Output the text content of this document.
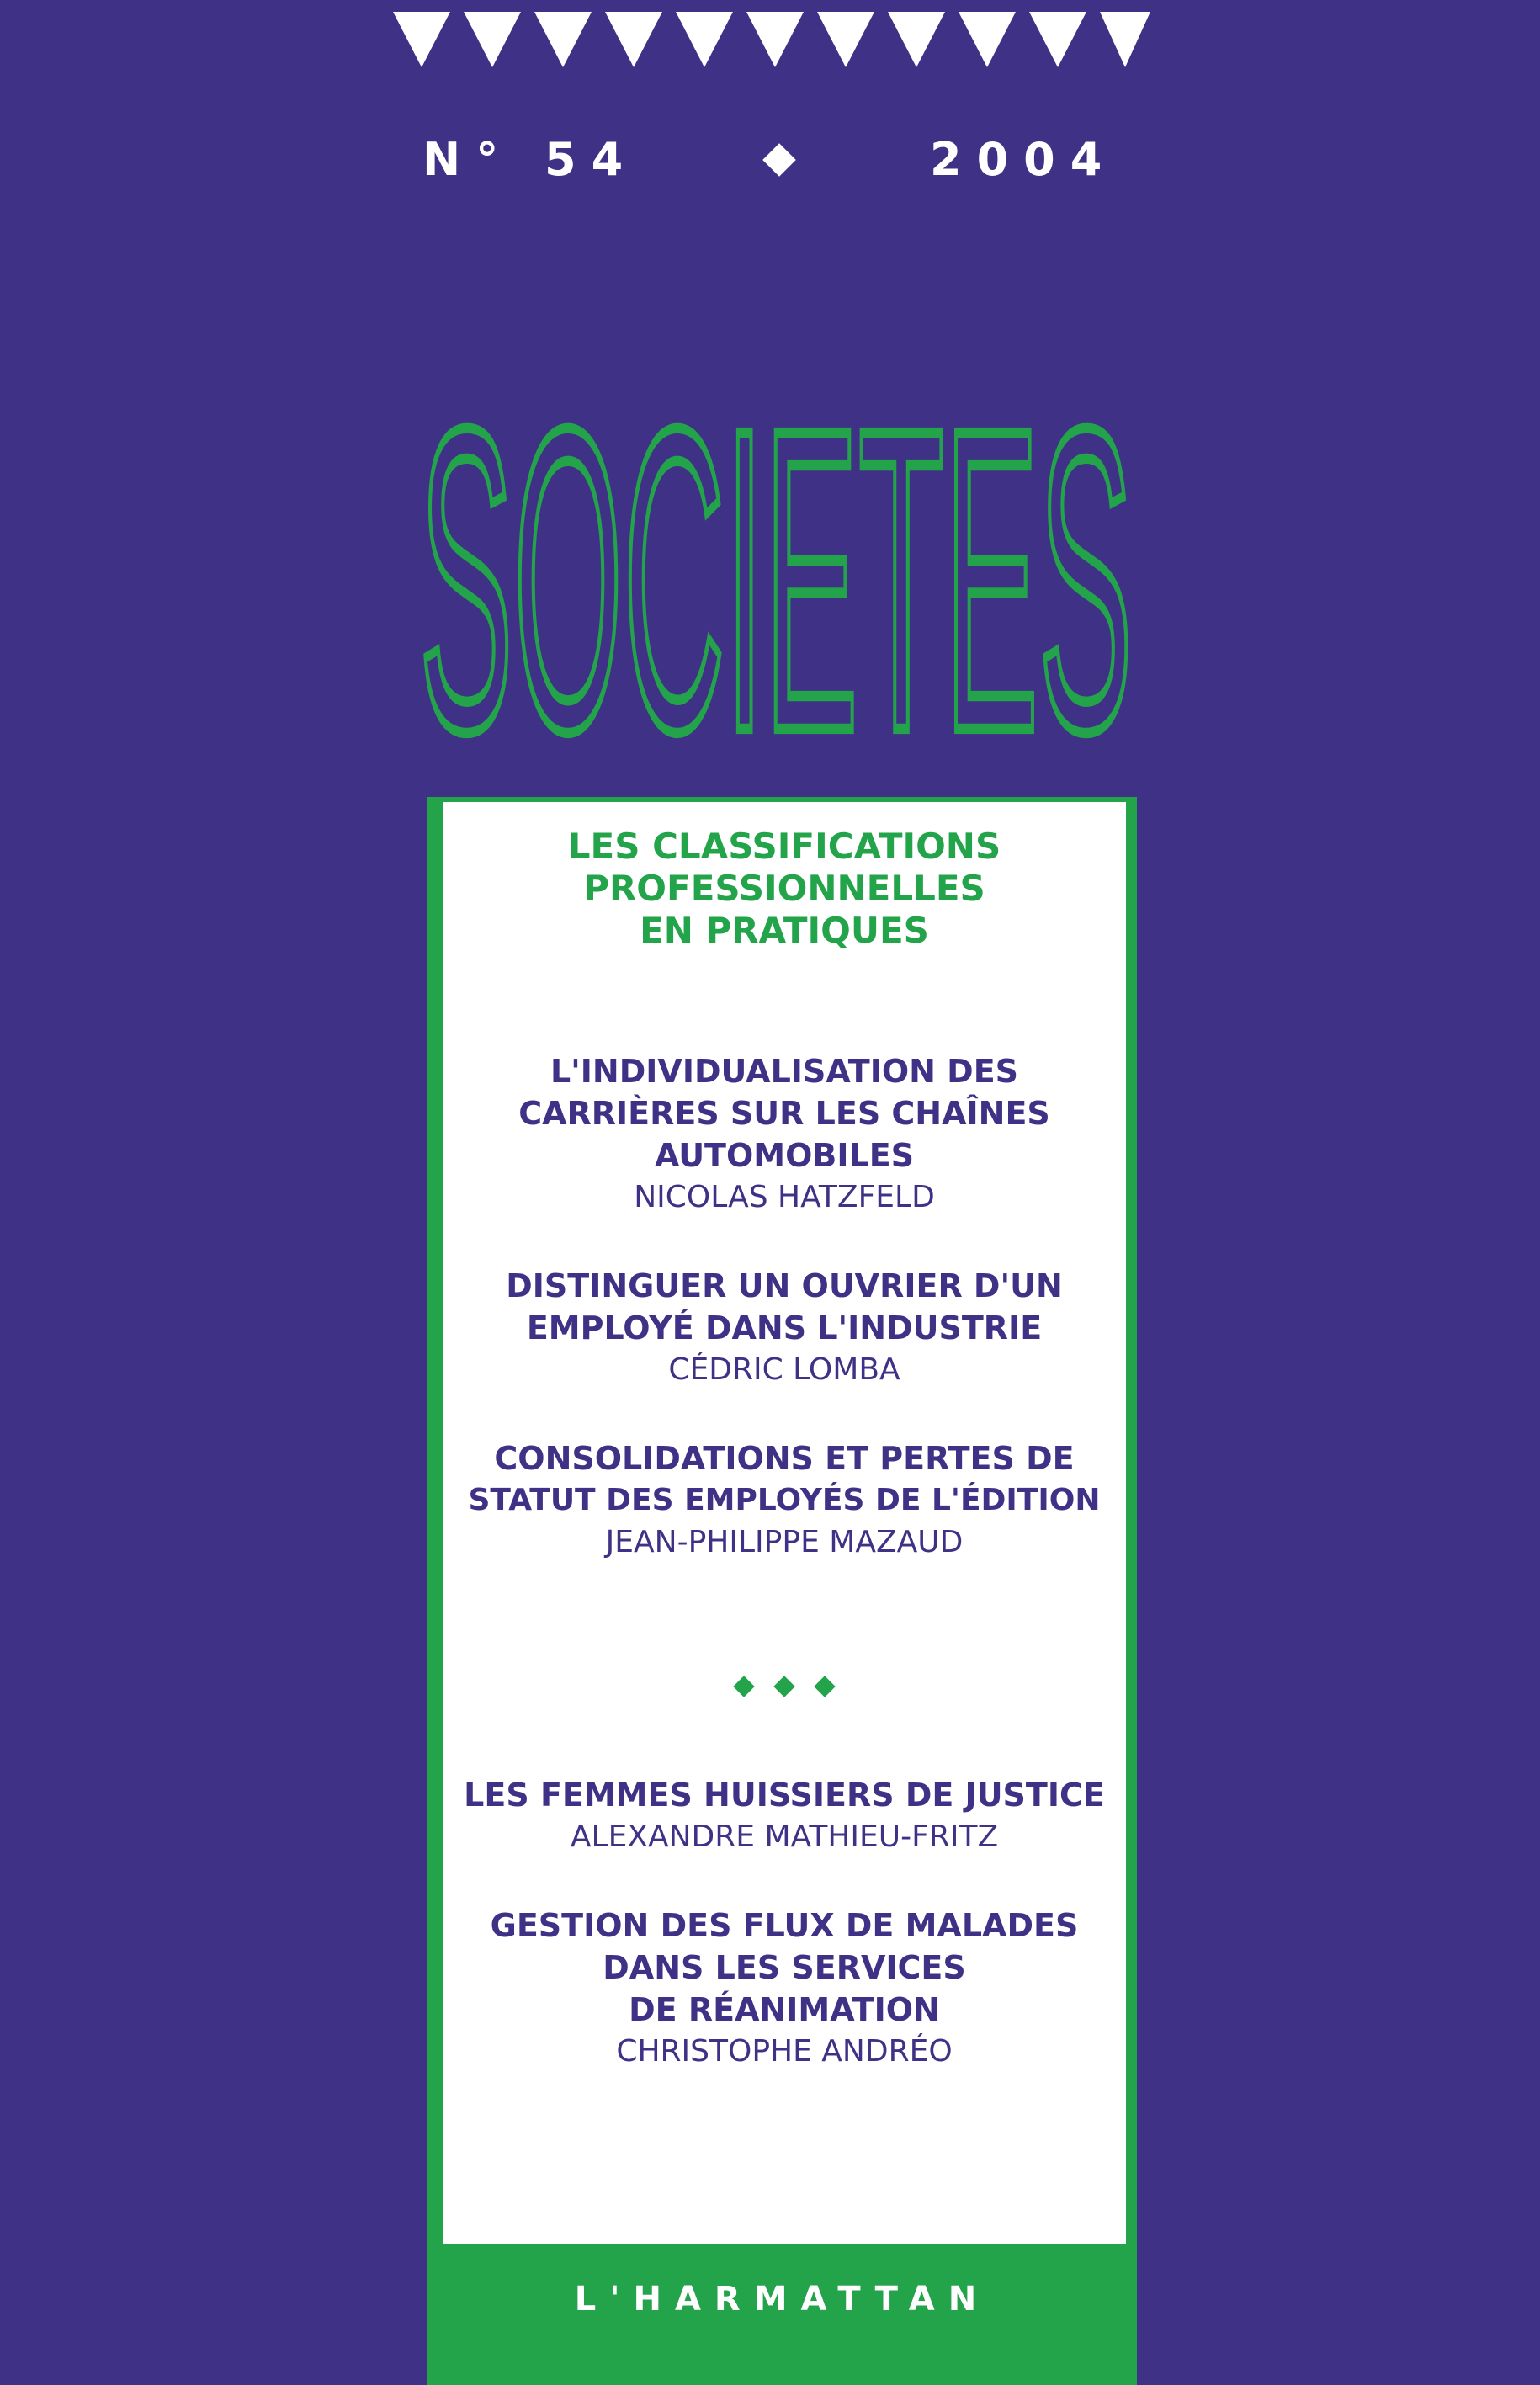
N° 54	2004
SOCIETES
LES CLASSIFICATIONS
PROFESSIONNELLES
EN PRATIQUES
L'INDIVIDUALISATION DES
CARRIÈRES SUR LES CHAÎNES
AUTOMOBILES
NICOLAS HATZFELD
DISTINGUER UN OUVRIER D'UN
EMPLOYÉ DANS L'INDUSTRIE
CÉDRIC LOMBA
CONSOLIDATIONS ET PERTES DE
STATUT DES EMPLOYÉS DE L'ÉDITION
JEAN-PHILIPPE MAZAUD
LES FEMMES HUISSIERS DE JUSTICE
ALEXANDRE MATHIEU-FRITZ
GESTION DES FLUX DE MALADES
DANS LES SERVICES
DE RÉANIMATION
CHRISTOPHE ANDRÉO
L'HARMATTAN
